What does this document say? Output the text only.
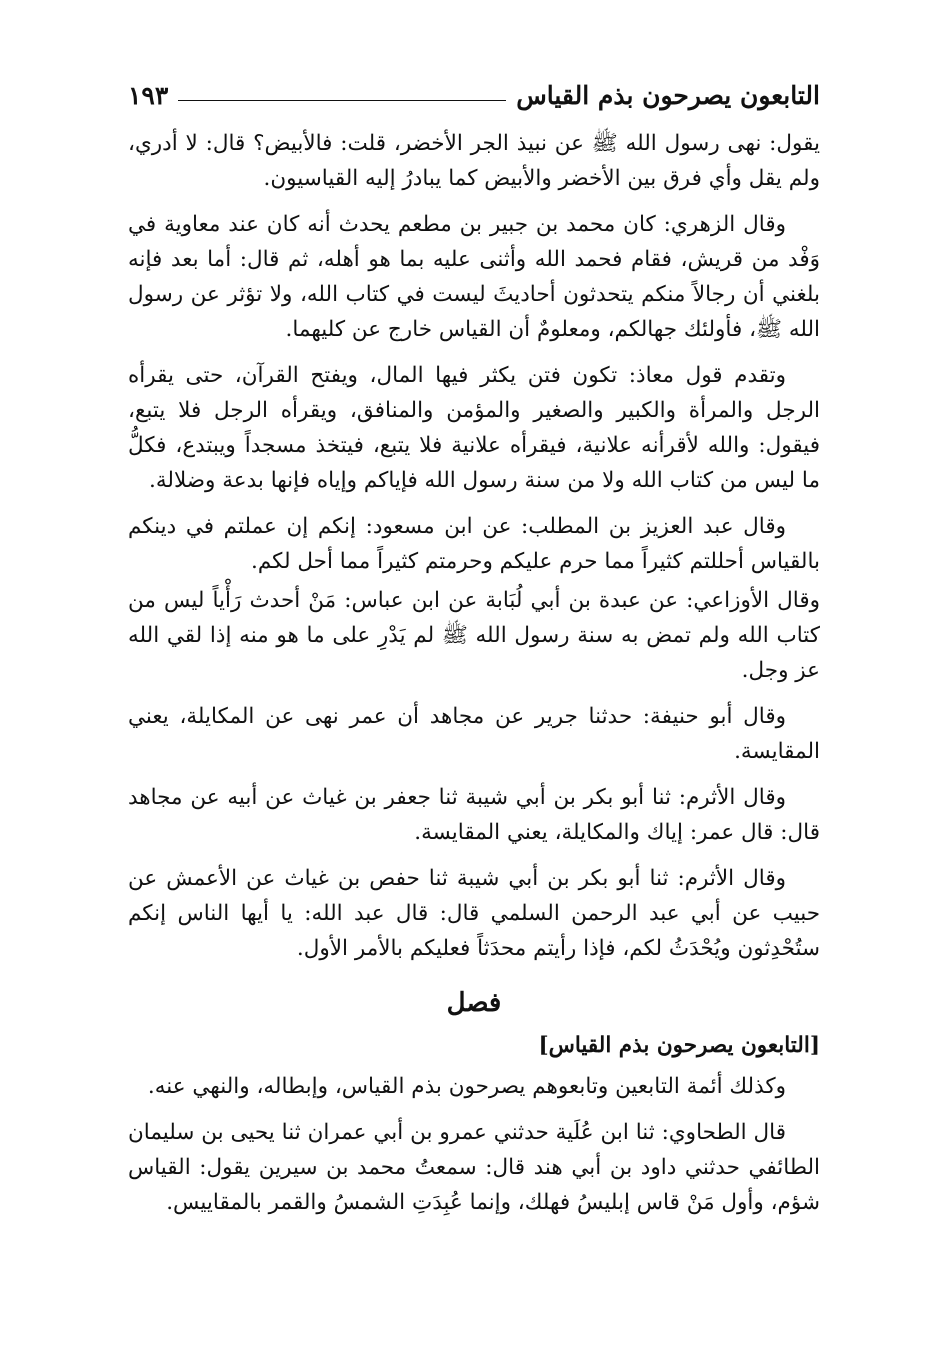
التابعون يصرحون بذم القياس
١٩٣

يقول: نهى رسول الله ﷺ عن نبيذ الجر الأخضر، قلت: فالأبيض؟ قال: لا أدري، ولم يقل وأي فرق بين الأخضر والأبيض كما يبادرُ إليه القياسيون.

وقال الزهري: كان محمد بن جبير بن مطعم يحدث أنه كان عند معاوية في وَفْد من قريش، فقام فحمد الله وأثنى عليه بما هو أهله، ثم قال: أما بعد فإنه بلغني أن رجالاً منكم يتحدثون أحاديثَ ليست في كتاب الله، ولا تؤثر عن رسول الله ﷺ، فأولئك جهالكم، ومعلومٌ أن القياس خارج عن كليهما.

وتقدم قول معاذ: تكون فتن يكثر فيها المال، ويفتح القرآن، حتى يقرأه الرجل والمرأة والكبير والصغير والمؤمن والمنافق، ويقرأه الرجل فلا يتبع، فيقول: والله لأقرأنه علانية، فيقرأه علانية فلا يتبع، فيتخذ مسجداً ويبتدع، فكلُّ ما ليس من كتاب الله ولا من سنة رسول الله فإياكم وإياه فإنها بدعة وضلالة.

وقال عبد العزيز بن المطلب: عن ابن مسعود: إنكم إن عملتم في دينكم بالقياس أحللتم كثيراً مما حرم عليكم وحرمتم كثيراً مما أحل لكم.

وقال الأوزاعي: عن عبدة بن أبي لُبَابة عن ابن عباس: مَنْ أحدث رَأْياً ليس من كتاب الله ولم تمض به سنة رسول الله ﷺ لم يَدْرِ على ما هو منه إذا لقي الله عز وجل.

وقال أبو حنيفة: حدثنا جرير عن مجاهد أن عمر نهى عن المكايلة، يعني المقايسة.

وقال الأثرم: ثنا أبو بكر بن أبي شيبة ثنا جعفر بن غياث عن أبيه عن مجاهد قال: قال عمر: إياك والمكايلة، يعني المقايسة.

وقال الأثرم: ثنا أبو بكر بن أبي شيبة ثنا حفص بن غياث عن الأعمش عن حبيب عن أبي عبد الرحمن السلمي قال: قال عبد الله: يا أيها الناس إنكم ستُحْدِثون ويُحْدَثُ لكم، فإذا رأيتم محدَثاً فعليكم بالأمر الأول.

فصل
[التابعون يصرحون بذم القياس]

وكذلك أئمة التابعين وتابعوهم يصرحون بذم القياس، وإبطاله، والنهي عنه.

قال الطحاوي: ثنا ابن عُلَية حدثني عمرو بن أبي عمران ثنا يحيى بن سليمان الطائفي حدثني داود بن أبي هند قال: سمعتُ محمد بن سيرين يقول: القياس شؤم، وأول مَنْ قاس إبليسُ فهلك، وإنما عُبِدَتِ الشمسُ والقمر بالمقاييس.
